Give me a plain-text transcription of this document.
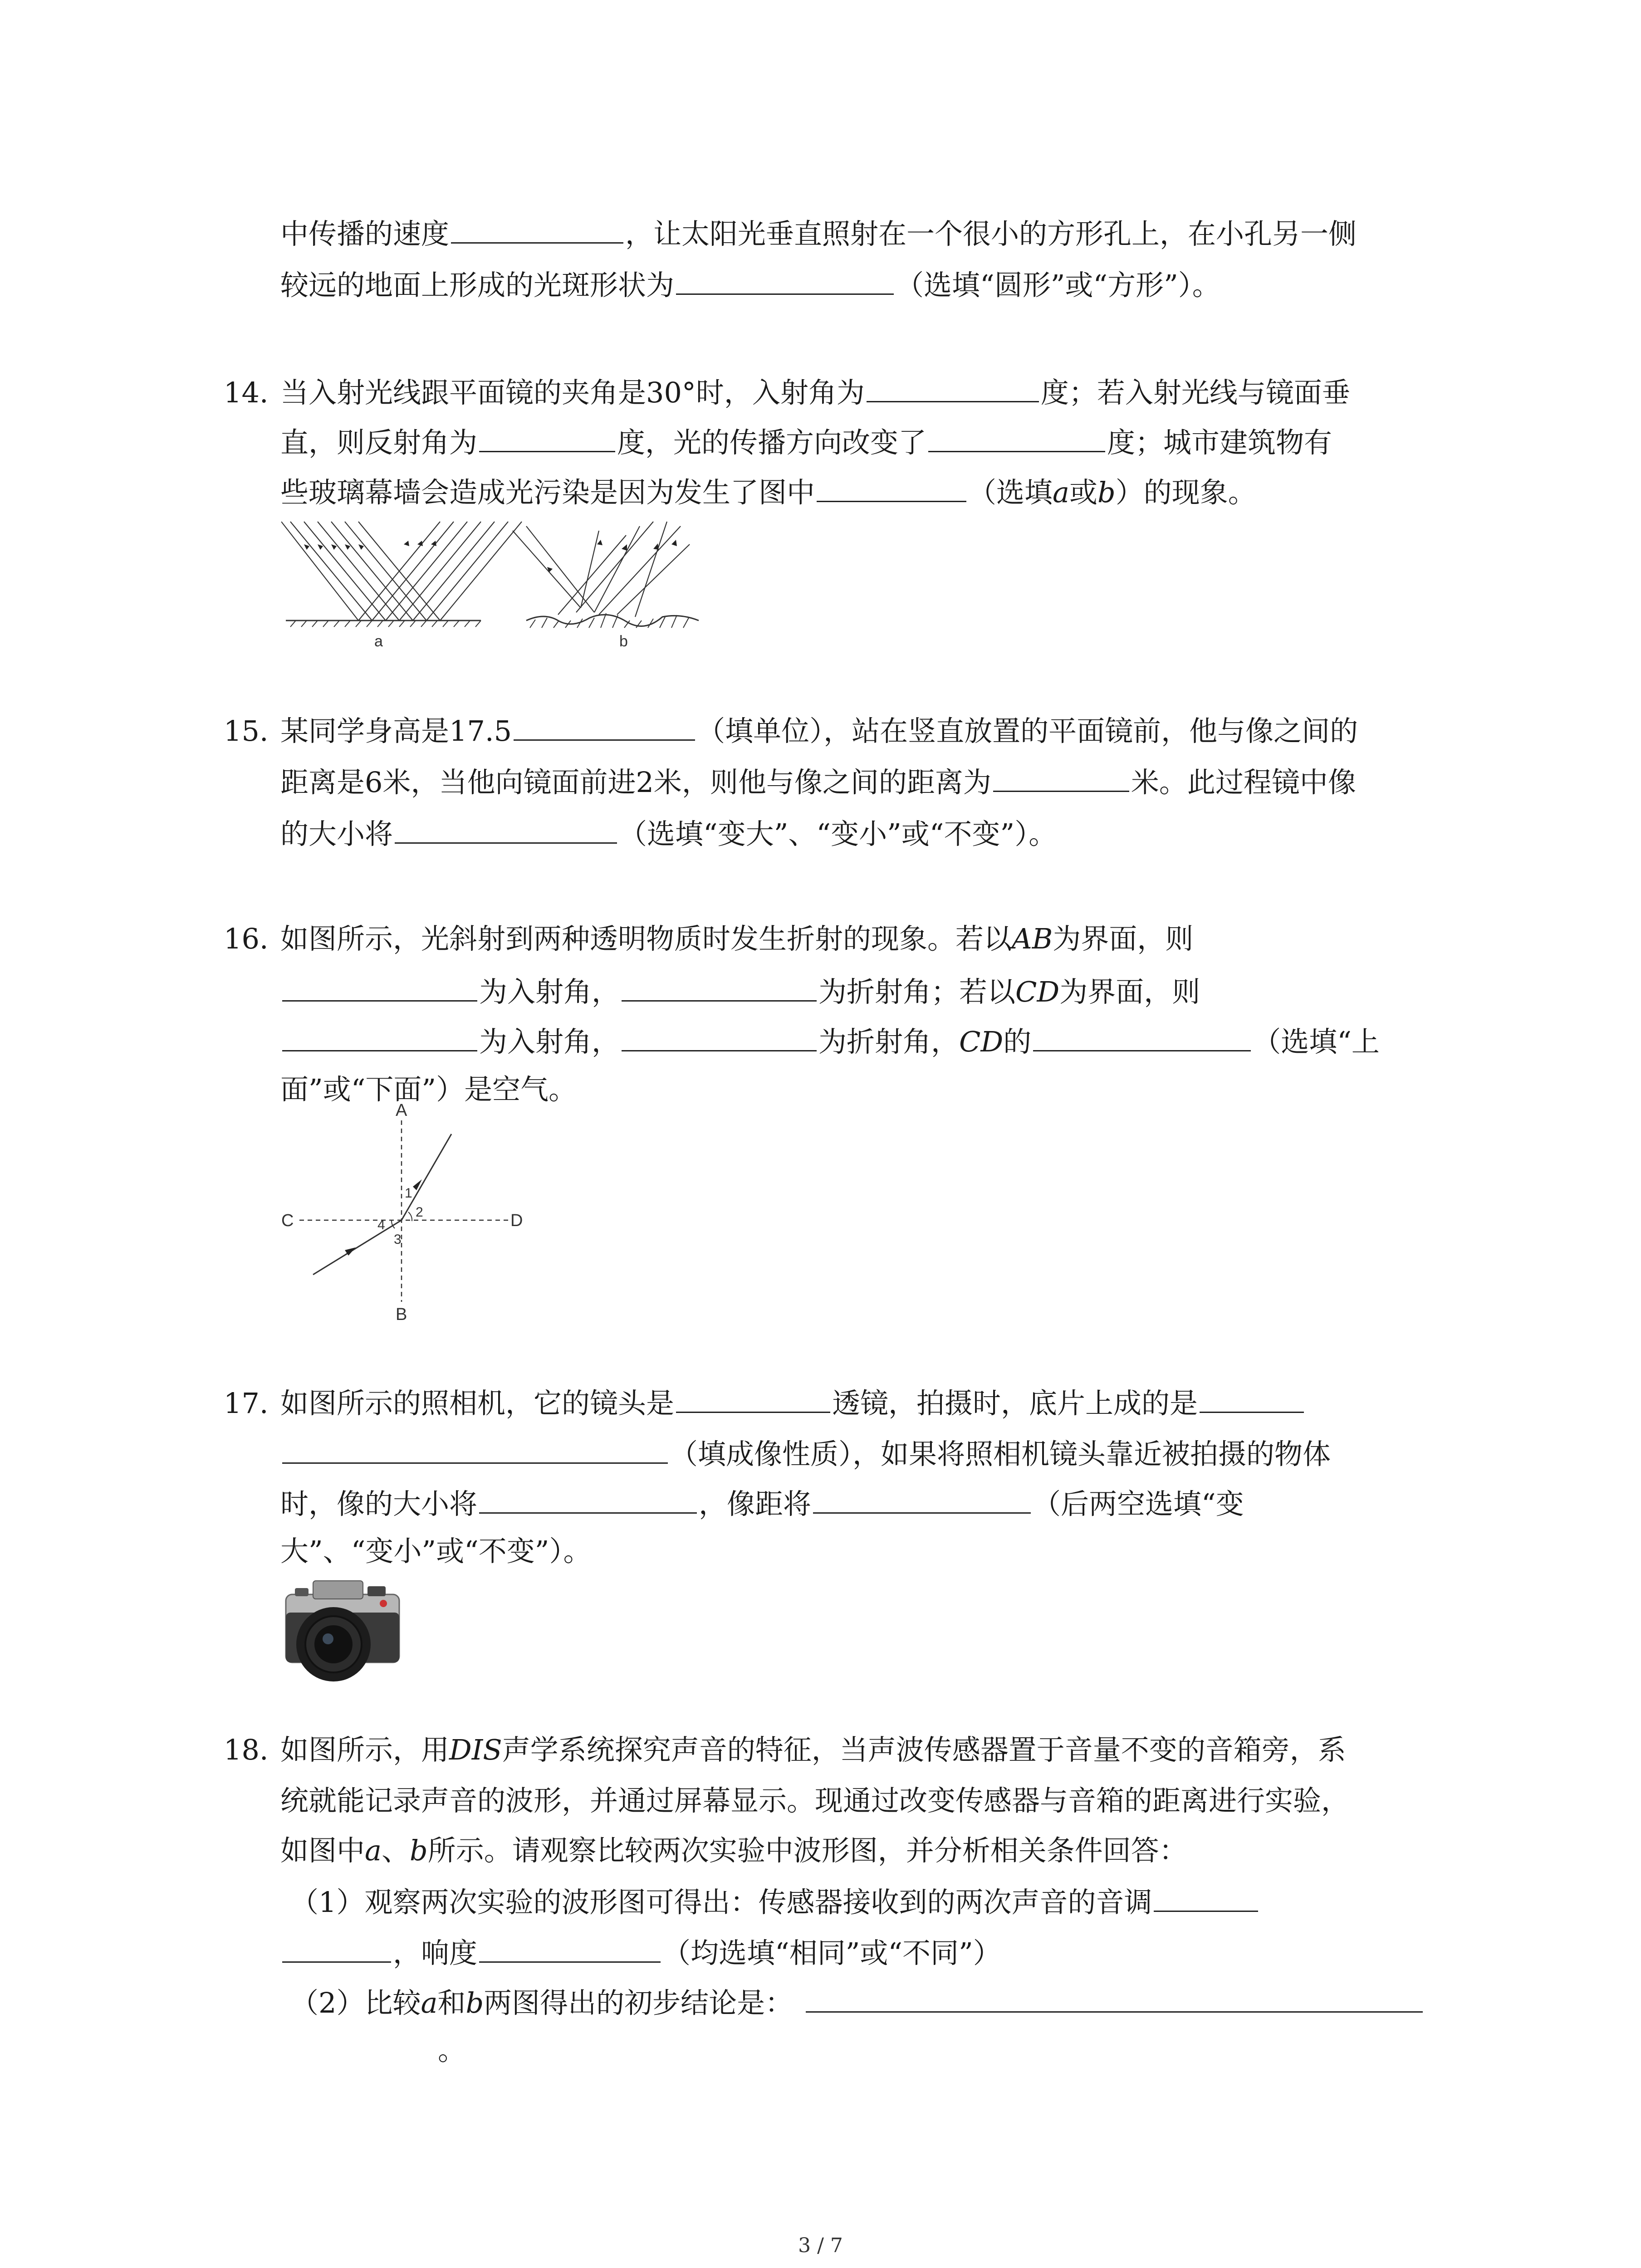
中传播的速度	，让太阳光垂直照射在一个很小的方形孔上，在小孔另一侧
较远的地面上形成的光斑形状为	（选填“圆形”或“方形”）。
14. 当入射光线跟平面镜的夹角是30°时，入射角为	度；若入射光线与镜面垂
直，则反射角为	度，光的传播方向改变了	度；城市建筑物有
些玻璃幕墙会造成光污染是因为发生了图中	（选填a或b）的现象。
a	b
15. 某同学身高是17.5	（填单位），站在竖直放置的平面镜前，他与像之间的
距离是6米，当他向镜面前进2米，则他与像之间的距离为	米。此过程镜中像
的大小将	（选填“变大”、“变小”或“不变”）。
16. 如图所示，光斜射到两种透明物质时发生折射的现象。若以AB为界面，则
为入射角，	为折射角；若以CD为界面，则
为入射角，	为折射角，CD的	（选填“上
面”或“下面”）是空气。
A
B
C	D
1
2
3
4
17. 如图所示的照相机，它的镜头是	透镜，拍摄时，底片上成的是
（填成像性质），如果将照相机镜头靠近被拍摄的物体
时，像的大小将	，像距将	（后两空选填“变
大”、“变小”或“不变”）。
18. 如图所示，用DIS声学系统探究声音的特征，当声波传感器置于音量不变的音箱旁，系
统就能记录声音的波形，并通过屏幕显示。现通过改变传感器与音箱的距离进行实验，
如图中a、b所示。请观察比较两次实验中波形图，并分析相关条件回答：
（1）观察两次实验的波形图可得出：传感器接收到的两次声音的音调
，响度	（均选填“相同”或“不同”）
（2）比较a和b两图得出的初步结论是：
。
3 / 7
